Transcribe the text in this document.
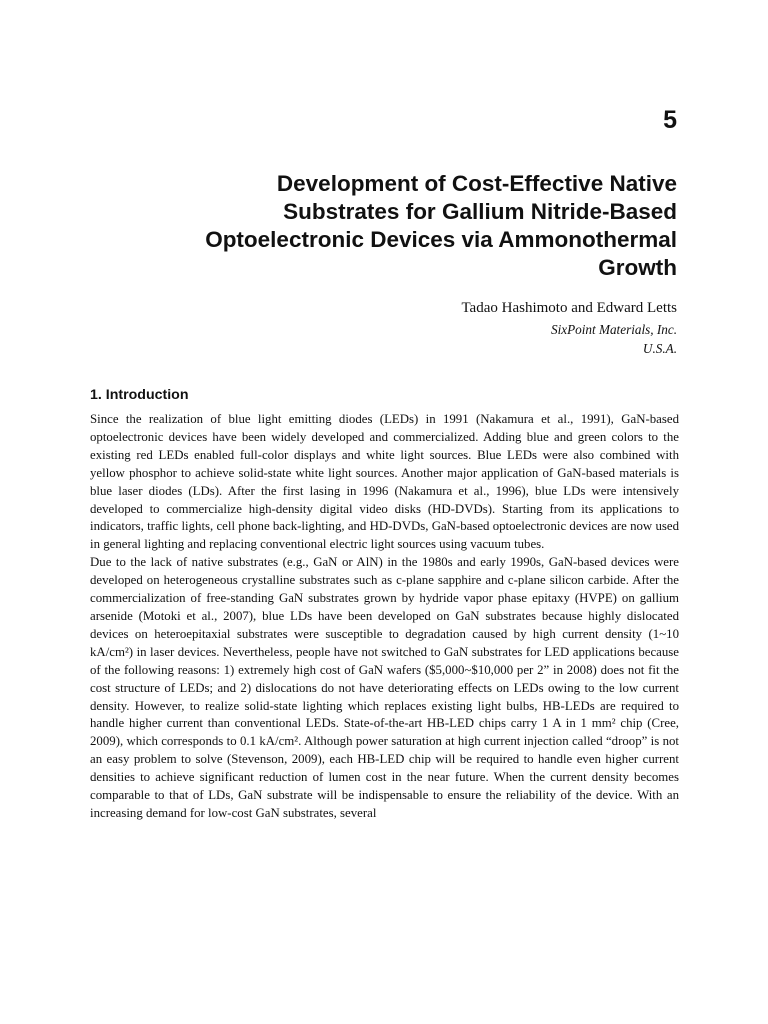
5
Development of Cost-Effective Native Substrates for Gallium Nitride-Based Optoelectronic Devices via Ammonothermal Growth
Tadao Hashimoto and Edward Letts
SixPoint Materials, Inc.
U.S.A.
1. Introduction

Since the realization of blue light emitting diodes (LEDs) in 1991 (Nakamura et al., 1991), GaN-based optoelectronic devices have been widely developed and commercialized. Adding blue and green colors to the existing red LEDs enabled full-color displays and white light sources. Blue LEDs were also combined with yellow phosphor to achieve solid-state white light sources. Another major application of GaN-based materials is blue laser diodes (LDs). After the first lasing in 1996 (Nakamura et al., 1996), blue LDs were intensively developed to commercialize high-density digital video disks (HD-DVDs). Starting from its applications to indicators, traffic lights, cell phone back-lighting, and HD-DVDs, GaN-based optoelectronic devices are now used in general lighting and replacing conventional electric light sources using vacuum tubes.

Due to the lack of native substrates (e.g., GaN or AlN) in the 1980s and early 1990s, GaN-based devices were developed on heterogeneous crystalline substrates such as c-plane sapphire and c-plane silicon carbide. After the commercialization of free-standing GaN substrates grown by hydride vapor phase epitaxy (HVPE) on gallium arsenide (Motoki et al., 2007), blue LDs have been developed on GaN substrates because highly dislocated devices on heteroepitaxial substrates were susceptible to degradation caused by high current density (1~10 kA/cm²) in laser devices. Nevertheless, people have not switched to GaN substrates for LED applications because of the following reasons: 1) extremely high cost of GaN wafers ($5,000~$10,000 per 2” in 2008) does not fit the cost structure of LEDs; and 2) dislocations do not have deteriorating effects on LEDs owing to the low current density. However, to realize solid-state lighting which replaces existing light bulbs, HB-LEDs are required to handle higher current than conventional LEDs. State-of-the-art HB-LED chips carry 1 A in 1 mm² chip (Cree, 2009), which corresponds to 0.1 kA/cm². Although power saturation at high current injection called “droop” is not an easy problem to solve (Stevenson, 2009), each HB-LED chip will be required to handle even higher current densities to achieve significant reduction of lumen cost in the near future. When the current density becomes comparable to that of LDs, GaN substrate will be indispensable to ensure the reliability of the device. With an increasing demand for low-cost GaN substrates, several
